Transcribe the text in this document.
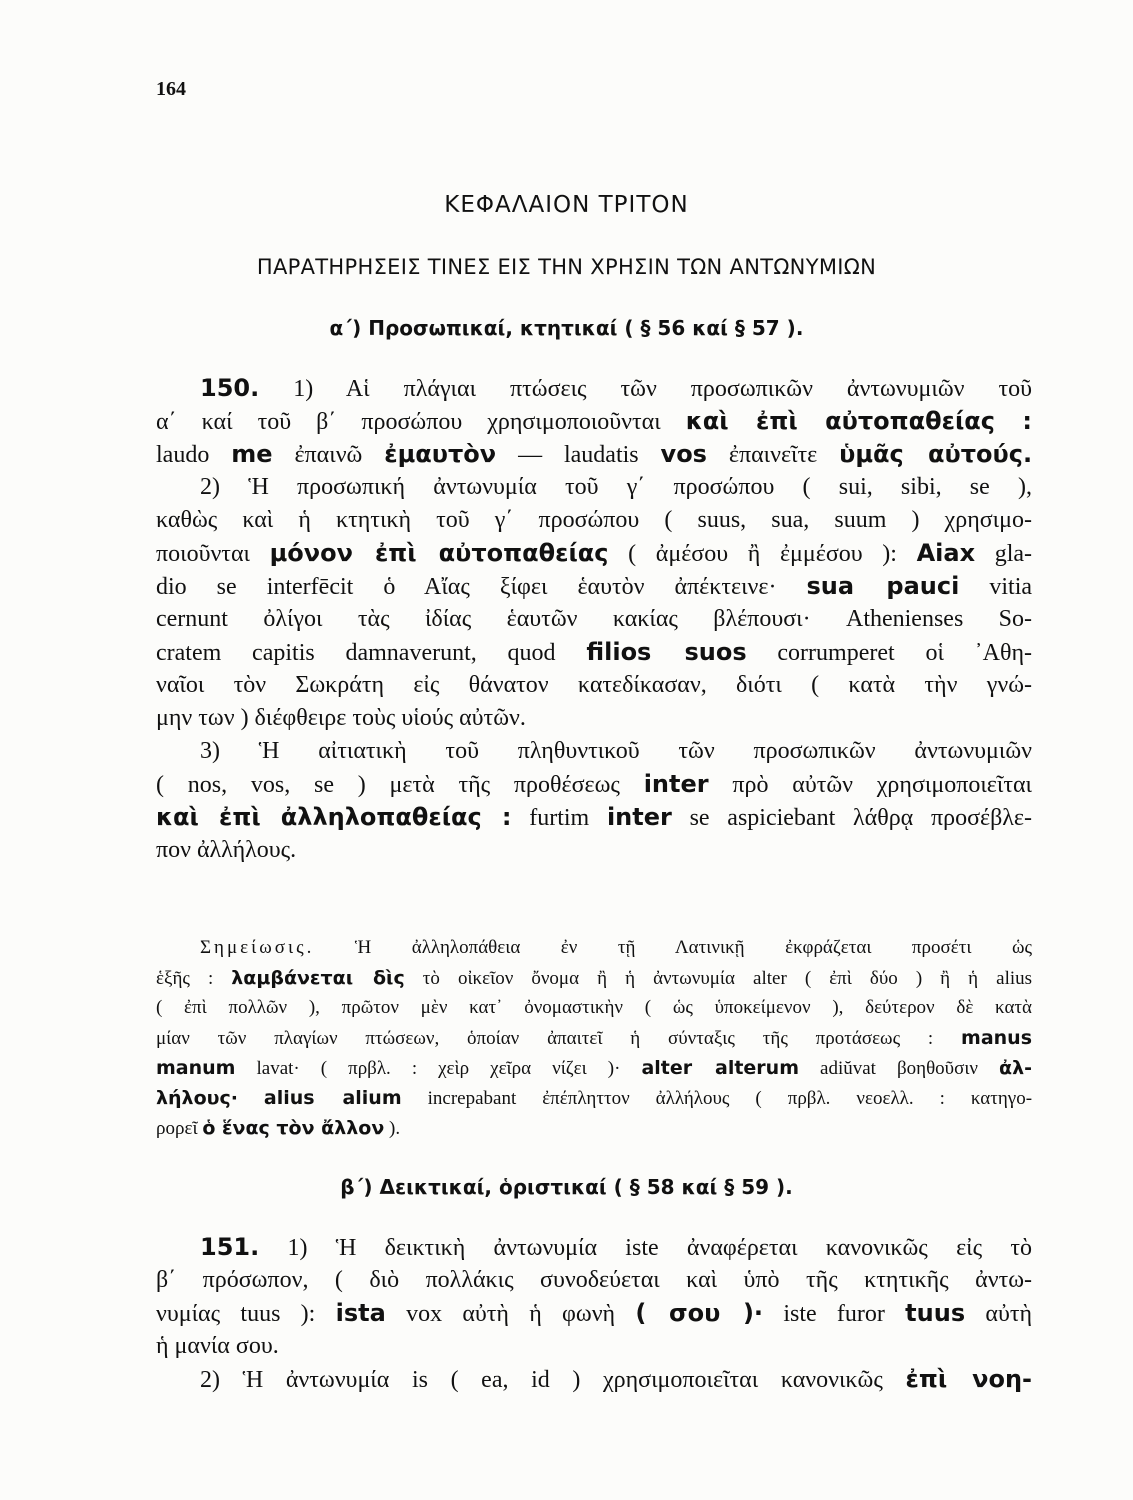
164
ΚΕΦΑΛΑΙΟΝ ΤΡΙΤΟΝ
ΠΑΡΑΤΗΡΗΣΕΙΣ ΤΙΝΕΣ ΕΙΣ ΤΗΝ ΧΡΗΣΙΝ ΤΩΝ ΑΝΤΩΝΥΜΙΩΝ
α΄) Προσωπικαί, κτητικαί ( § 56 καί § 57 ).
150. 1) Αἱ πλάγιαι πτώσεις τῶν προσωπικῶν ἀντωνυμιῶν τοῦ
α΄ καί τοῦ β΄ προσώπου χρησιμοποιοῦνται καὶ ἐπὶ αὐτοπαθείας :
laudo me ἐπαινῶ ἐμαυτὸν — laudatis vos ἐπαινεῖτε ὑμᾶς αὐτούς.
2) Ἡ προσωπική ἀντωνυμία τοῦ γ΄ προσώπου ( sui, sibi, se ),
καθὼς καὶ ἡ κτητικὴ τοῦ γ΄ προσώπου ( suus, sua, suum ) χρησιμο-
ποιοῦνται μόνον ἐπὶ αὐτοπαθείας ( ἀμέσου ἢ ἐμμέσου ): Aiax gla-
dio se interfēcit ὁ Αἴας ξίφει ἑαυτὸν ἀπέκτεινε· sua pauci vitia
cernunt ὀλίγοι τὰς ἰδίας ἑαυτῶν κακίας βλέπουσι· Athenienses So-
cratem capitis damnaverunt, quod filios suos corrumperet οἱ ᾿Αθη-
ναῖοι τὸν Σωκράτη εἰς θάνατον κατεδίκασαν, διότι ( κατὰ τὴν γνώ-
μην των ) διέφθειρε τοὺς υἱούς αὐτῶν.
3) Ἡ αἰτιατικὴ τοῦ πληθυντικοῦ τῶν προσωπικῶν ἀντωνυμιῶν
( nos, vos, se ) μετὰ τῆς προθέσεως inter πρὸ αὐτῶν χρησιμοποιεῖται
καὶ ἐπὶ ἀλληλοπαθείας : furtim inter se aspiciebant λάθρᾳ προσέβλε-
πον ἀλλήλους.
Σημείωσις. Ἡ ἀλληλοπάθεια ἐν τῇ Λατινικῇ ἐκφράζεται προσέτι ὡς
ἑξῆς : λαμβάνεται δὶς τὸ οἰκεῖον ὄνομα ἢ ἡ ἀντωνυμία alter ( ἐπὶ δύο ) ἢ ἡ alius
( ἐπὶ πολλῶν ), πρῶτον μὲν κατ᾽ ὀνομαστικὴν ( ὡς ὑποκείμενον ), δεύτερον δὲ κατὰ
μίαν τῶν πλαγίων πτώσεων, ὁποίαν ἀπαιτεῖ ἡ σύνταξις τῆς προτάσεως : manus
manum lavat· ( πρβλ. : χεὶρ χεῖρα νίζει )· alter alterum adiŭvat βοηθοῦσιν ἀλ-
λήλους· alius alium increpabant ἐπέπληττον ἀλλήλους ( πρβλ. νεοελλ. : κατηγο-
ρορεῖ ὁ ἕνας τὸν ἄλλον ).
β΄) Δεικτικαί, ὁριστικαί ( § 58 καί § 59 ).
151. 1) Ἡ δεικτικὴ ἀντωνυμία iste ἀναφέρεται κανονικῶς εἰς τὸ
β΄ πρόσωπον, ( διὸ πολλάκις συνοδεύεται καὶ ὑπὸ τῆς κτητικῆς ἀντω-
νυμίας tuus ): ista vox αὐτὴ ἡ φωνὴ ( σου )· iste furor tuus αὐτὴ
ἡ μανία σου.
2) Ἡ ἀντωνυμία is ( ea, id ) χρησιμοποιεῖται κανονικῶς ἐπὶ νοη-
